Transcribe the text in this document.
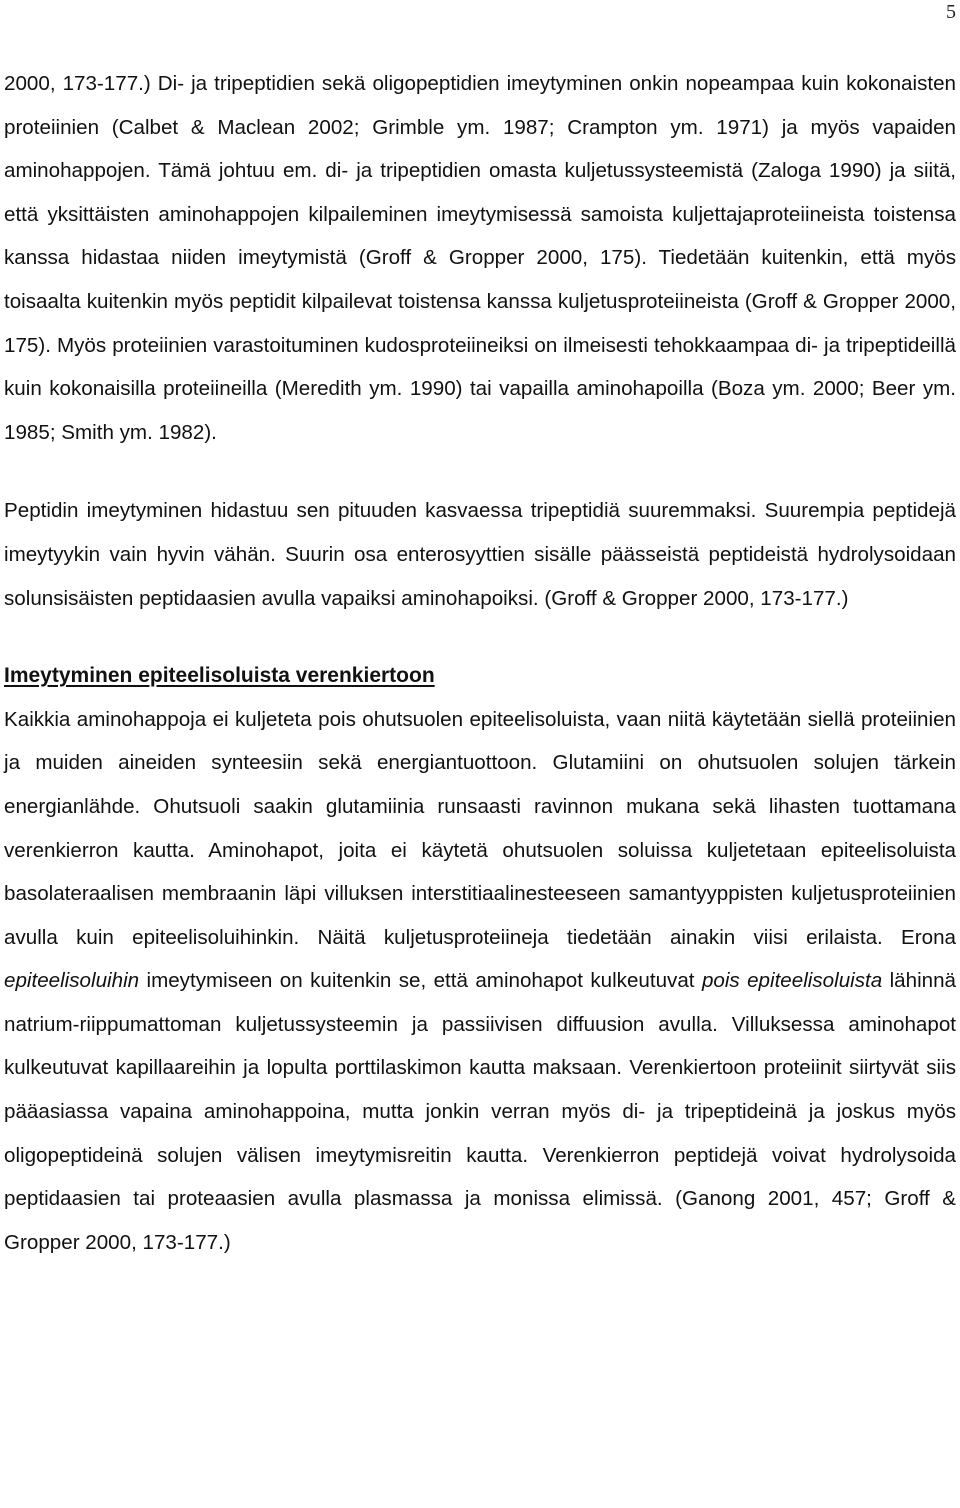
5

2000, 173-177.) Di- ja tripeptidien sekä oligopeptidien imeytyminen onkin nopeampaa kuin kokonaisten proteiinien (Calbet & Maclean 2002; Grimble ym. 1987; Crampton ym. 1971) ja myös vapaiden aminohappojen. Tämä johtuu em. di- ja tripeptidien omasta kuljetussysteemistä (Zaloga 1990) ja siitä, että yksittäisten aminohappojen kilpaileminen imeytymisessä samoista kuljettajaproteiineista toistensa kanssa hidastaa niiden imeytymistä (Groff & Gropper 2000, 175). Tiedetään kuitenkin, että myös toisaalta kuitenkin myös peptidit kilpailevat toistensa kanssa kuljetusproteiineista (Groff & Gropper 2000, 175). Myös proteiinien varastoituminen kudosproteiineiksi on ilmeisesti tehokkaampaa di- ja tripeptideillä kuin kokonaisilla proteiineilla (Meredith ym. 1990) tai vapailla aminohapoilla (Boza ym. 2000; Beer ym. 1985; Smith ym. 1982).

Peptidin imeytyminen hidastuu sen pituuden kasvaessa tripeptidiä suuremmaksi. Suurempia peptidejä imeytyykin vain hyvin vähän. Suurin osa enterosyyttien sisälle päässeistä peptideistä hydrolysoidaan solunsisäisten peptidaasien avulla vapaiksi aminohapoiksi. (Groff & Gropper 2000, 173-177.)

Imeytyminen epiteelisoluista verenkiertoon

Kaikkia aminohappoja ei kuljeteta pois ohutsuolen epiteelisoluista, vaan niitä käytetään siellä proteiinien ja muiden aineiden synteesiin sekä energiantuottoon. Glutamiini on ohutsuolen solujen tärkein energianlähde. Ohutsuoli saakin glutamiinia runsaasti ravinnon mukana sekä lihasten tuottamana verenkierron kautta. Aminohapot, joita ei käytetä ohutsuolen soluissa kuljetetaan epiteelisoluista basolateraalisen membraanin läpi villuksen interstitiaalinesteeseen samantyyppisten kuljetusproteiinien avulla kuin epiteelisoluihinkin. Näitä kuljetusproteiineja tiedetään ainakin viisi erilaista. Erona epiteelisoluihin imeytymiseen on kuitenkin se, että aminohapot kulkeutuvat pois epiteelisoluista lähinnä natrium-riippumattoman kuljetussysteemin ja passiivisen diffuusion avulla. Villuksessa aminohapot kulkeutuvat kapillaareihin ja lopulta porttilaskimon kautta maksaan. Verenkiertoon proteiinit siirtyvät siis pääasiassa vapaina aminohappoina, mutta jonkin verran myös di- ja tripeptideinä ja joskus myös oligopeptideinä solujen välisen imeytymisreitin kautta. Verenkierron peptidejä voivat hydrolysoida peptidaasien tai proteaasien avulla plasmassa ja monissa elimissä. (Ganong 2001, 457; Groff & Gropper 2000, 173-177.)
